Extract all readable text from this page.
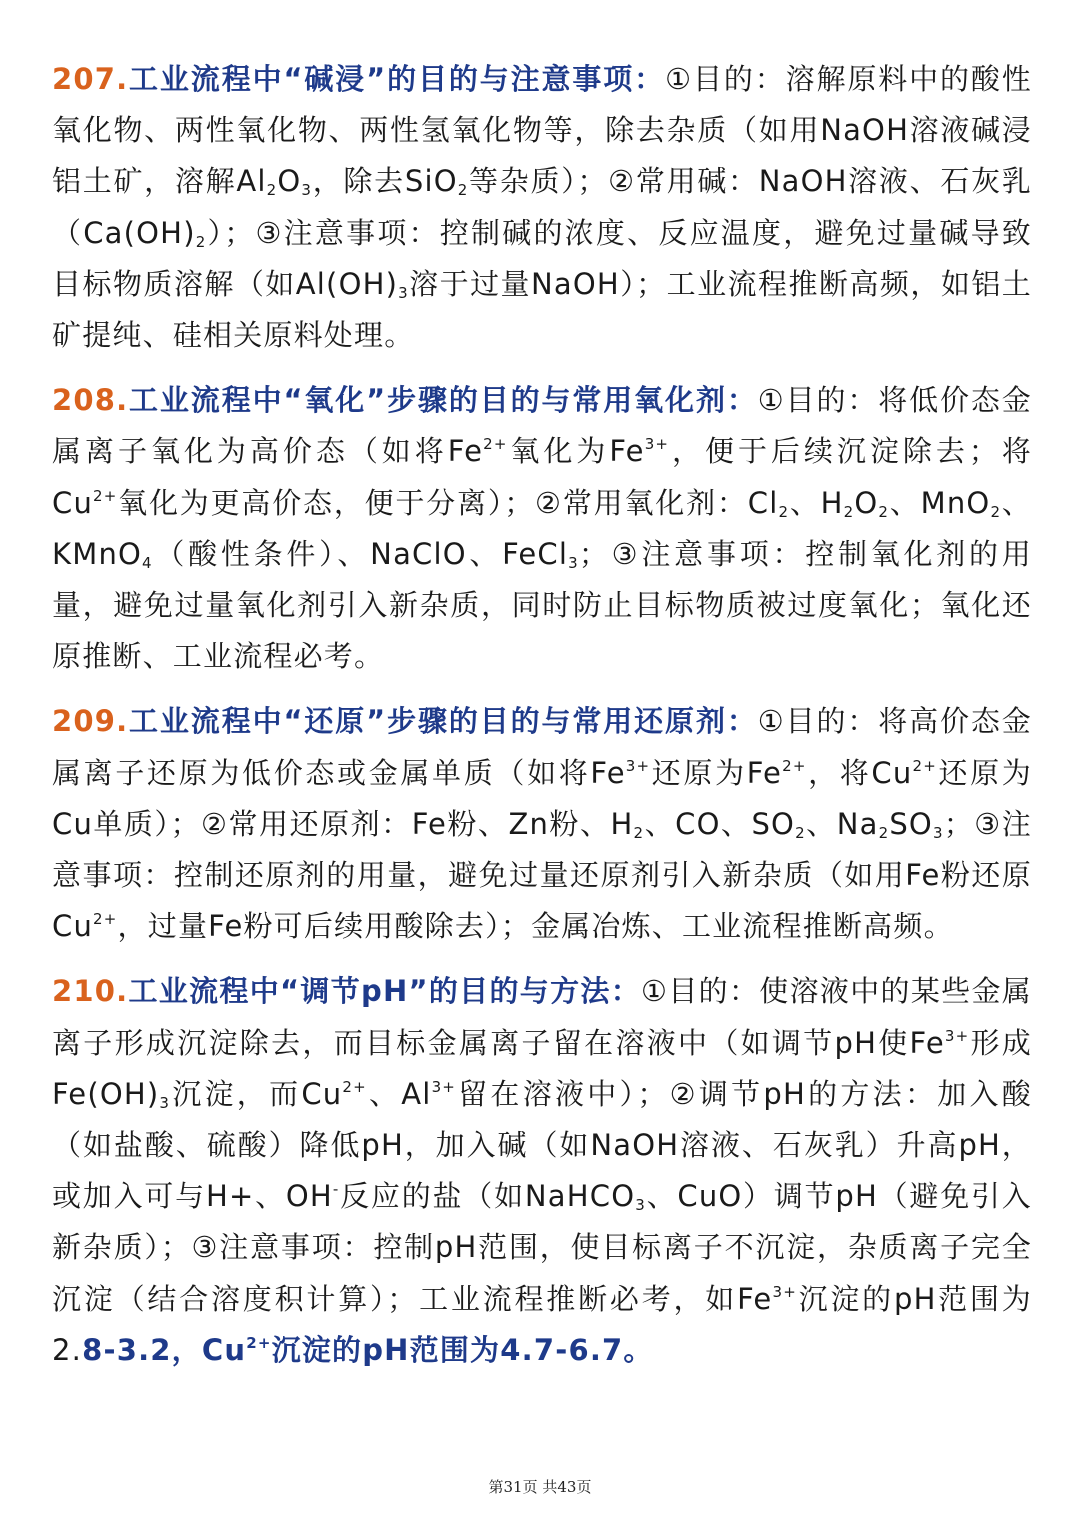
207.工业流程中“碱浸”的目的与注意事项：①目的：溶解原料中的酸性氧化物、两性氧化物、两性氢氧化物等，除去杂质（如用NaOH溶液碱浸铝土矿，溶解$Al_2O_3$，除去SiO$_2$等杂质）；②常用碱：NaOH溶液、石灰乳$(Ca(OH)_2)$；③注意事项：控制碱的浓度、反应温度，避免过量碱导致目标物质溶解（如$Al(OH)_3$溶于过量NaOH）；工业流程推断高频，如铝土矿提纯、硅相关原料处理。

208.工业流程中“氧化”步骤的目的与常用氧化剂：①目的：将低价态金属离子氧化为高价态（如将$Fe^{2+}$氧化为$Fe^{3+}$，便于后续沉淀除去；将$Cu^{2+}$氧化为更高价态，便于分离）；②常用氧化剂：$Cl_2$、$H_2O_2$、MnO$_2$、KMnO$_4$（酸性条件）、NaClO、FeCl$_3$；③注意事项：控制氧化剂的用量，避免过量氧化剂引入新杂质，同时防止目标物质被过度氧化；氧化还原推断、工业流程必考。

209.工业流程中“还原”步骤的目的与常用还原剂：①目的：将高价态金属离子还原为低价态或金属单质（如将$Fe^{3+}$还原为$Fe^{2+}$，将$Cu^{2+}$还原为Cu单质）；②常用还原剂：Fe粉、Zn粉、$H_2$、CO、$SO_2$、$Na_2SO_3$；③注意事项：控制还原剂的用量，避免过量还原剂引入新杂质（如用Fe粉还原$Cu^{2+}$，过量Fe粉可后续用酸除去）；金属冶炼、工业流程推断高频。

210.工业流程中“调节pH”的目的与方法：①目的：使溶液中的某些金属离子形成沉淀除去，而目标金属离子留在溶液中（如调节pH使$Fe^{3+}$形成$Fe(OH)_3$沉淀，而$Cu^{2+}$、$Al^{3+}$留在溶液中）；②调节pH的方法：加入酸（如盐酸、硫酸）降低pH，加入碱（如NaOH溶液、石灰乳）升高pH，或加入可与H+、OH-反应的盐（如NaHCO$_3$、CuO）调节pH（避免引入新杂质）；③注意事项：控制pH范围，使目标离子不沉淀，杂质离子完全沉淀（结合溶度积计算）；工业流程推断必考，如$Fe^{3+}$沉淀的pH范围为2.8-3.2，$Cu^{2+}$沉淀的pH范围为4.7-6.7。

第31页 共43页
